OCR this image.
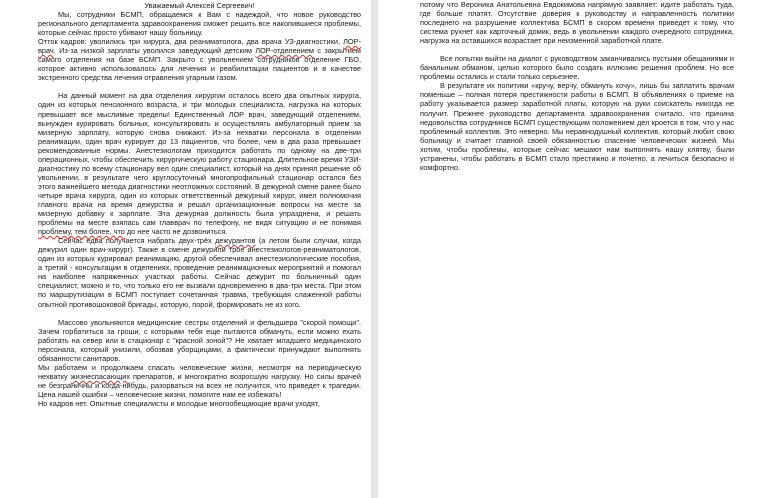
Уважаемый Алексей Сергеевич!

Мы, сотрудники БСМП, обращаемся к Вам с надеждой, что новое руководство регионального департамента здравоохранения сможет решить все накопившиеся проблемы, которые сейчас просто убивают нашу больницу.
Отток кадров: уволились три хирурга, два реаниматолога, два врача УЗ-диагностики, ЛОР-врач. Из-за низкой зарплаты уволился заведующий детским ЛОР-отделением с закрытием самого отделения на базе БСМП. Закрыто с увольнением сотрудников отделение ГБО, которое активно использовалось для лечения и реабилитации пациентов и в качестве экстренного средства лечения отравления угарным газом.

На данный момент на два отделения хирургии осталось всего два опытных хирурга, один из которых пенсионного возраста, и три молодых специалиста, нагрузка на которых превышает все мыслимые пределы! Единственный ЛОР врач, заведующий отделением, вынужден курировать больных, консультировать и осуществлять амбулаторный прием за мизерную зарплату, которую снова снижают. Из-за нехватки персонала в отделении реанимации, один врач курирует до 13 пациентов, что более, чем в два раза превышает рекомендованные нормы. Анестезиологам приходится работать по одному на две-три операционных, чтобы обеспечить хирургическую работу стационара. Длительное время УЗИ-диагностику по всему стационару вел один специалист, который на днях принял решение об увольнении, в результате чего круглосуточный многопрофильный стационар остался без этого важнейшего метода диагностики неотложных состояний. В дежурной смене ранее было четыре врача хирурга, один из которых ответственный дежурный хирург, имел полномочия главного врача на время дежурства и решал организационные вопросы на месте за мизерную добавку к зарплате. Эта дежурная должность была упразднена, и решать проблемы на месте взялась сам главврач по телефону, не видя ситуацию и не понимая проблему, тем более, что до нее часто не дозвониться.

Сейчас едва получается набрать двух-трёх дежурантов (а летом были случаи, когда дежурил один врач-хирург). Также в смене дежурили трое анестезиологов-реаниматологов, один из которых курировал реанимацию, другой обеспечивал анестезиологические пособия, а третий - консультации в отделениях, проведение реанимационных мероприятий и помогал на наиболее напряженных участках работы. Сейчас дежурит по больничный один специалист, можно и то, что только его не вызвали одновременно в два-три места. При этом по маршрутизации в БСМП поступает сочетанная травма, требующая слаженной работы опытной противошоковой бригады, которую, порой, формировать не из кого.

Массово увольняются медицинские сестры отделений и фельдшера "скорой помощи". Зачем горбатиться за гроши, с которыми тебя еще пытаются обмануть, если можно ехать работать на север или в стационар с "красной зоной"? Не хватает младшего медицинского персонала, который унизили, обозвав уборщицами, а фактически принуждают выполнять обязанности санитаров.

Мы работаем и продолжаем спасать человеческие жизни, несмотря на периодическую нехватку жизнеспасающих препаратов, и многократно возросшую нагрузку. Но силы врачей не безграничны и когда-нибудь, разорваться на всех не получится, что приведет к трагедии. Цена нашей ошибки – человеческие жизни, помогите нам ее избежать!

Но кадров нет. Опытные специалисты и молодые многообещающие врачи уходят,

потому что Вероника Анатольевна Евдокимова напрямую заявляет: идите работать туда, где больше платят. Отсутствие доверия к руководству и направленность политики последнего на разрушение коллектива БСМП в скором времени приведет к тому, что система рухнет как карточный домик, ведь в увольнении каждого очередного сотрудника, нагрузка на оставшихся возрастает при неизменной заработной плате.

Все попытки выйти на диалог с руководством заканчивались пустыми обещаниями и банальным обманом, целью которого было создать иллюзию решения проблем. Но все проблемы остались и стали только серьезнее.

В результате их политики «кручу, верчу, обмануть хочу», лишь бы заплатить врачам поменьше – полная потеря престижности работы в БСМП. В объявлениях о приеме на работу указывается размер заработной платы, которую на руки соискатель никогда не получит. Прежнее руководство департамента здравоохранения считало, что причина недовольства сотрудников БСМП существующим положением дел кроется в том, что у нас проблемный коллектив. Это неверно. Мы неравнодушный коллектив, который любит свою больницу и считает главной своей обязанностью спасение человеческих жизней. Мы хотим, чтобы проблемы, которые сейчас мешают нам выполнять нашу клятву, были устранены, чтобы работать в БСМП стало престижно и почетно, а лечиться безопасно и комфортно.
